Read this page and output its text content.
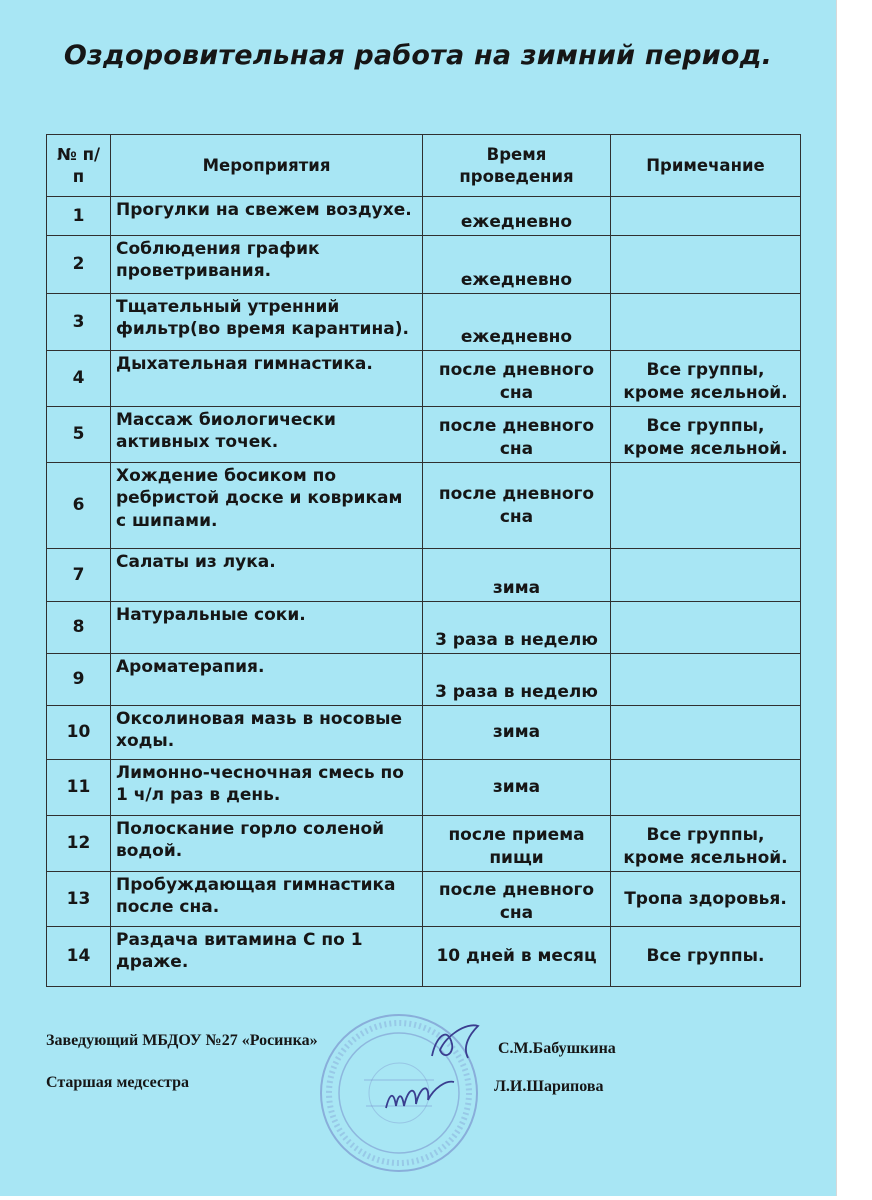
Оздоровительная работа на зимний период.
№ п/п	Мероприятия	Время проведения	Примечание
1	Прогулки на свежем воздухе.	ежедневно	
2	Соблюдения график проветривания.	ежедневно	
3	Тщательный утренний фильтр(во время карантина).	ежедневно	
4	Дыхательная гимнастика.	после дневного сна	Все группы, кроме ясельной.
5	Массаж биологически активных точек.	после дневного сна	Все группы, кроме ясельной.
6	Хождение босиком по ребристой доске и коврикам с шипами.	после дневного сна	
7	Салаты из лука.	зима	
8	Натуральные соки.	3 раза в неделю	
9	Ароматерапия.	3 раза в неделю	
10	Оксолиновая мазь в носовые ходы.	зима	
11	Лимонно-чесночная смесь по 1 ч/л раз в день.	зима	
12	Полоскание горло соленой водой.	после приема пищи	Все группы, кроме ясельной.
13	Пробуждающая гимнастика после сна.	после дневного сна	Тропа здоровья.
14	Раздача витамина С по 1 драже.	10 дней в месяц	Все группы.
Заведующий МБДОУ №27 «Росинка»	С.М.Бабушкина
Старшая медсестра	Л.И.Шарипова
